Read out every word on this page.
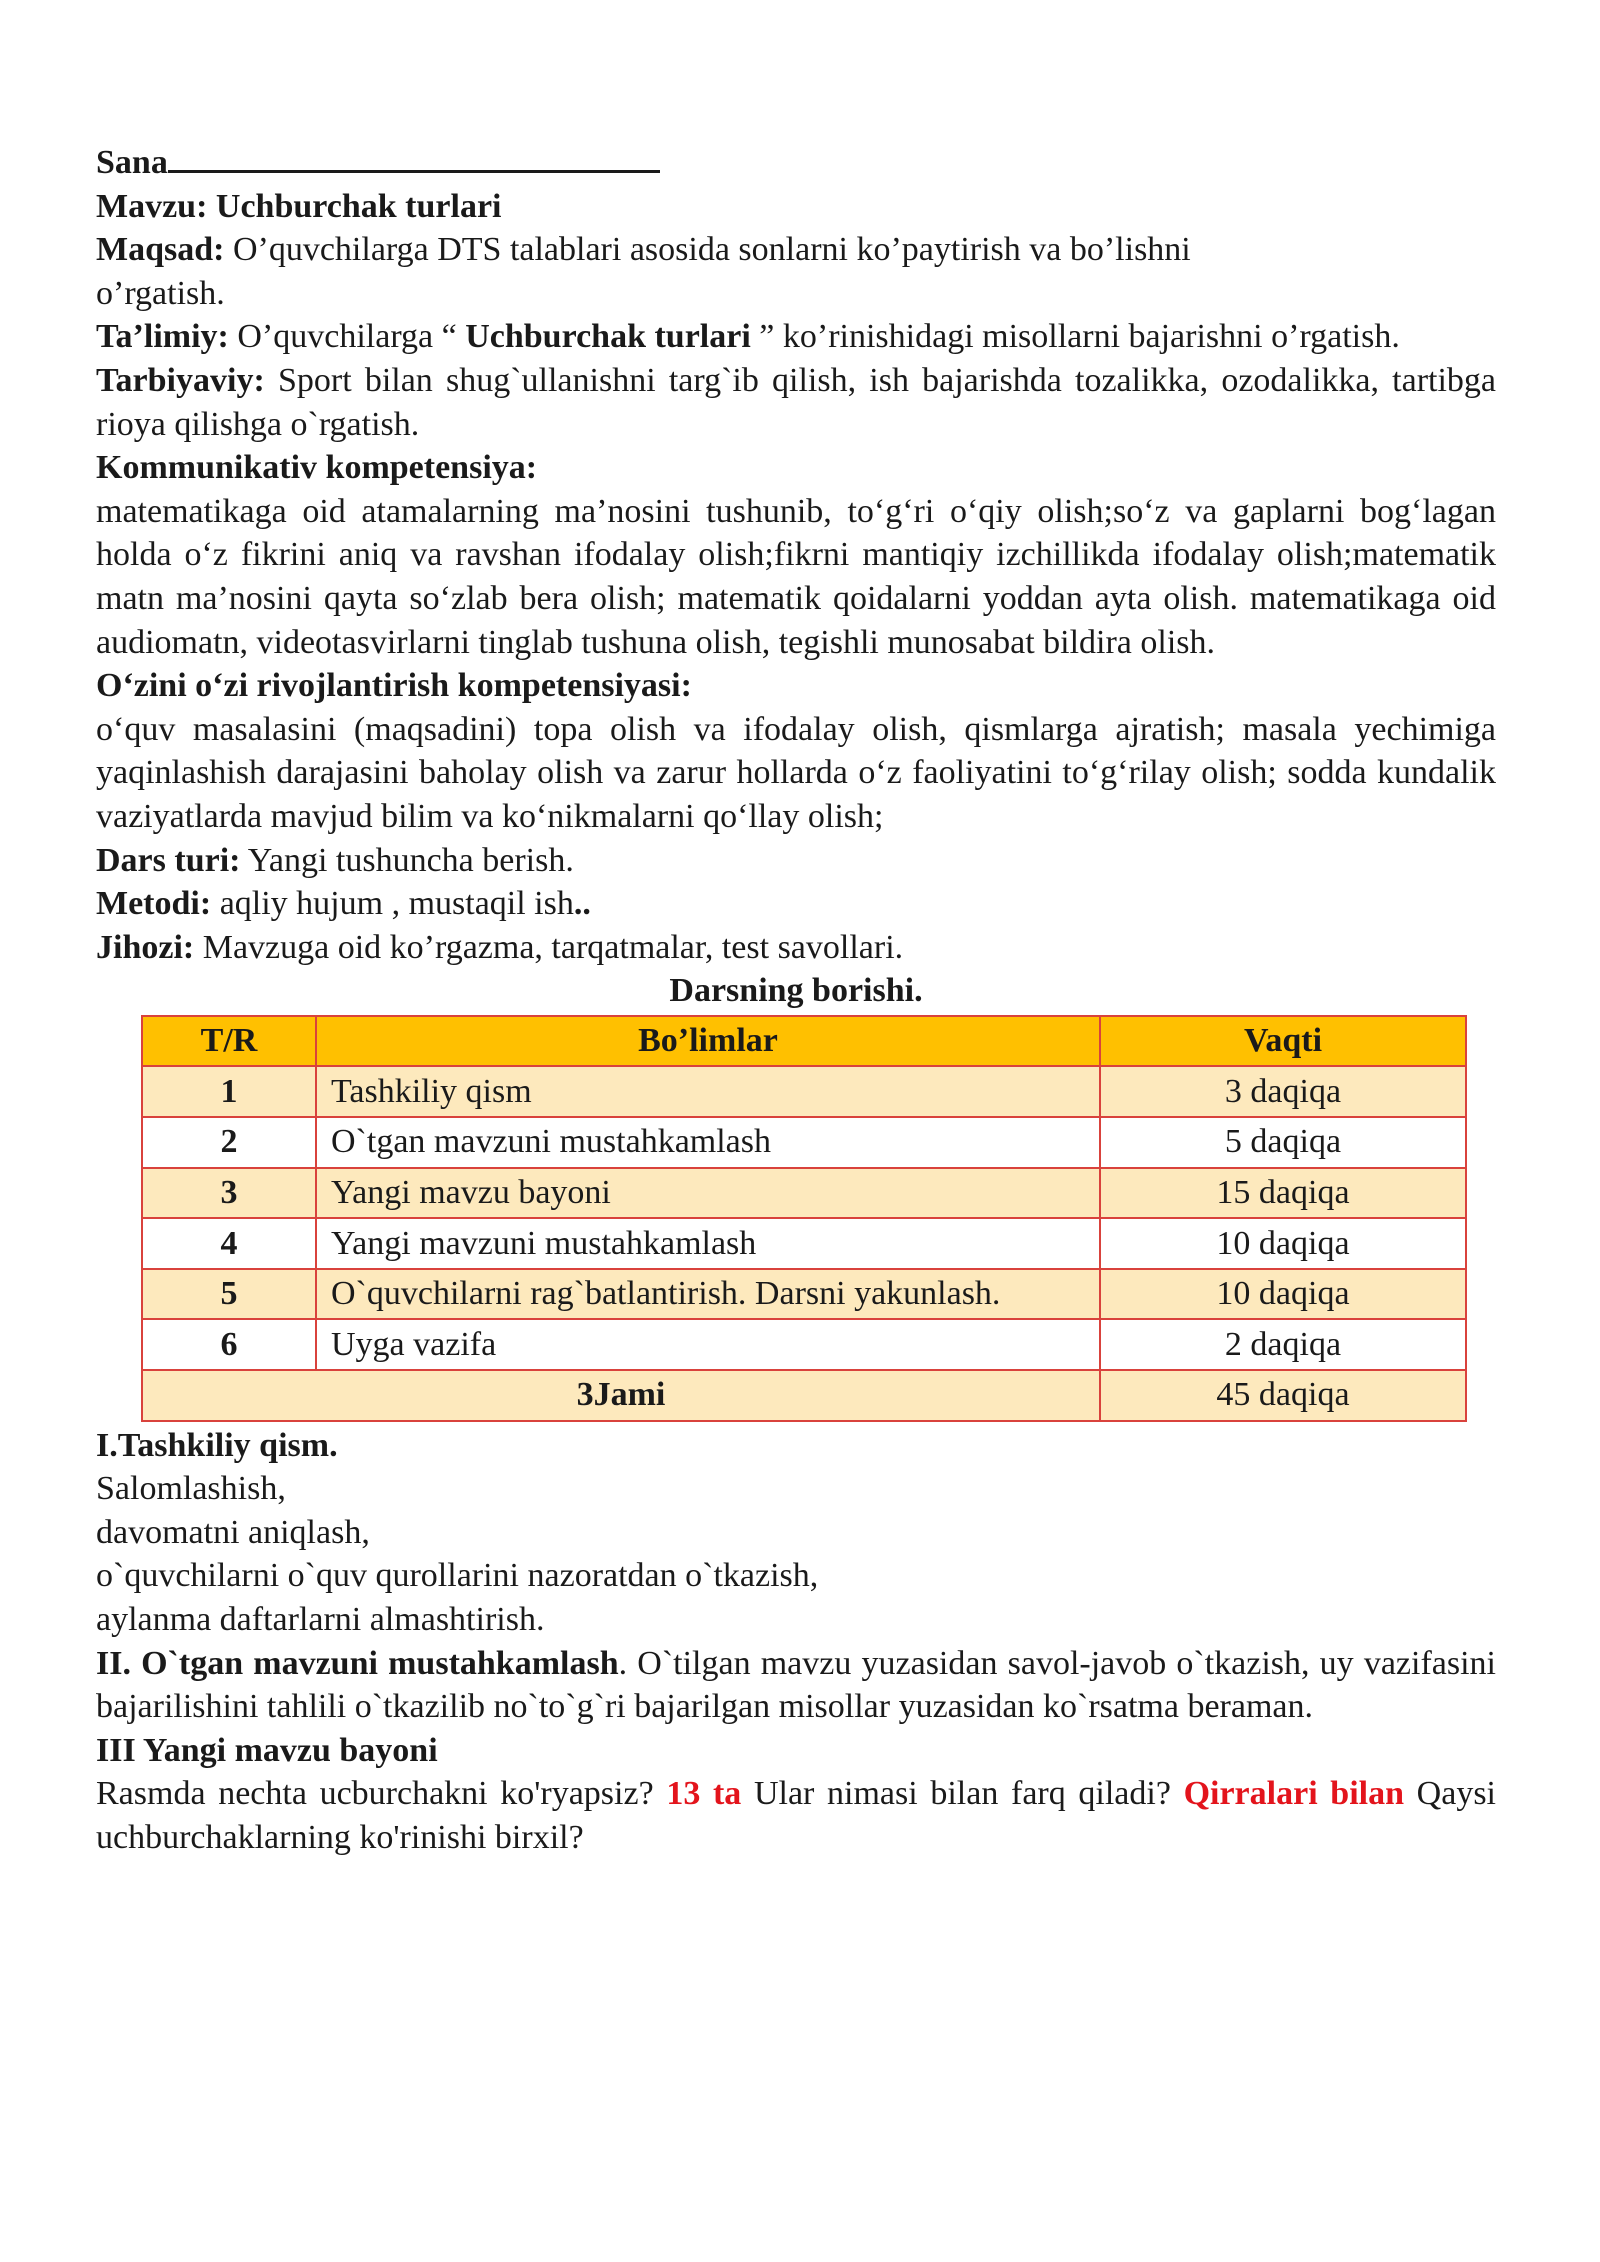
Sana

Mavzu: Uchburchak turlari

Maqsad: O’quvchilarga DTS talablari asosida sonlarni ko’paytirish va bo’lishni
o’rgatish.

Ta’limiy: O’quvchilarga “ Uchburchak turlari ” ko’rinishidagi misollarni bajarishni o’rgatish.

Tarbiyaviy: Sport bilan shug`ullanishni targ`ib qilish, ish bajarishda tozalikka, ozodalikka, tartibga rioya qilishga o`rgatish.

Kommunikativ kompetensiya:

matematikaga oid atamalarning ma’nosini tushunib, to‘g‘ri o‘qiy olish;so‘z va gaplarni bog‘lagan holda o‘z fikrini aniq va ravshan ifodalay olish;fikrni mantiqiy izchillikda ifodalay olish;matematik matn ma’nosini qayta so‘zlab bera olish; matematik qoidalarni yoddan ayta olish. matematikaga oid audiomatn, videotasvirlarni tinglab tushuna olish, tegishli munosabat bildira olish.

O‘zini o‘zi rivojlantirish kompetensiyasi:

o‘quv masalasini (maqsadini) topa olish va ifodalay olish, qismlarga ajratish; masala yechimiga yaqinlashish darajasini baholay olish va zarur hollarda o‘z faoliyatini to‘g‘rilay olish; sodda kundalik vaziyatlarda mavjud bilim va ko‘nikmalarni qo‘llay olish;

Dars turi: Yangi tushuncha berish.

Metodi: aqliy hujum , mustaqil ish..

Jihozi: Mavzuga oid ko’rgazma, tarqatmalar, test savollari.

Darsning borishi.

T/R	Bo’limlar	Vaqti
1	Tashkiliy qism	3 daqiqa
2	O`tgan mavzuni mustahkamlash	5 daqiqa
3	Yangi mavzu bayoni	15 daqiqa
4	Yangi mavzuni mustahkamlash	10 daqiqa
5	O`quvchilarni rag`batlantirish. Darsni yakunlash.	10 daqiqa
6	Uyga vazifa	2 daqiqa
3Jami		45 daqiqa

I.Tashkiliy qism.

Salomlashish,

davomatni aniqlash,

o`quvchilarni o`quv qurollarini nazoratdan o`tkazish,

aylanma daftarlarni almashtirish.

II. O`tgan mavzuni mustahkamlash. O`tilgan mavzu yuzasidan savol-javob o`tkazish, uy vazifasini bajarilishini tahlili o`tkazilib no`to`g`ri bajarilgan misollar yuzasidan ko`rsatma beraman.

III Yangi mavzu bayoni

Rasmda nechta ucburchakni ko'ryapsiz? 13 ta Ular nimasi bilan farq qiladi? Qirralari bilan Qaysi uchburchaklarning ko'rinishi birxil?
